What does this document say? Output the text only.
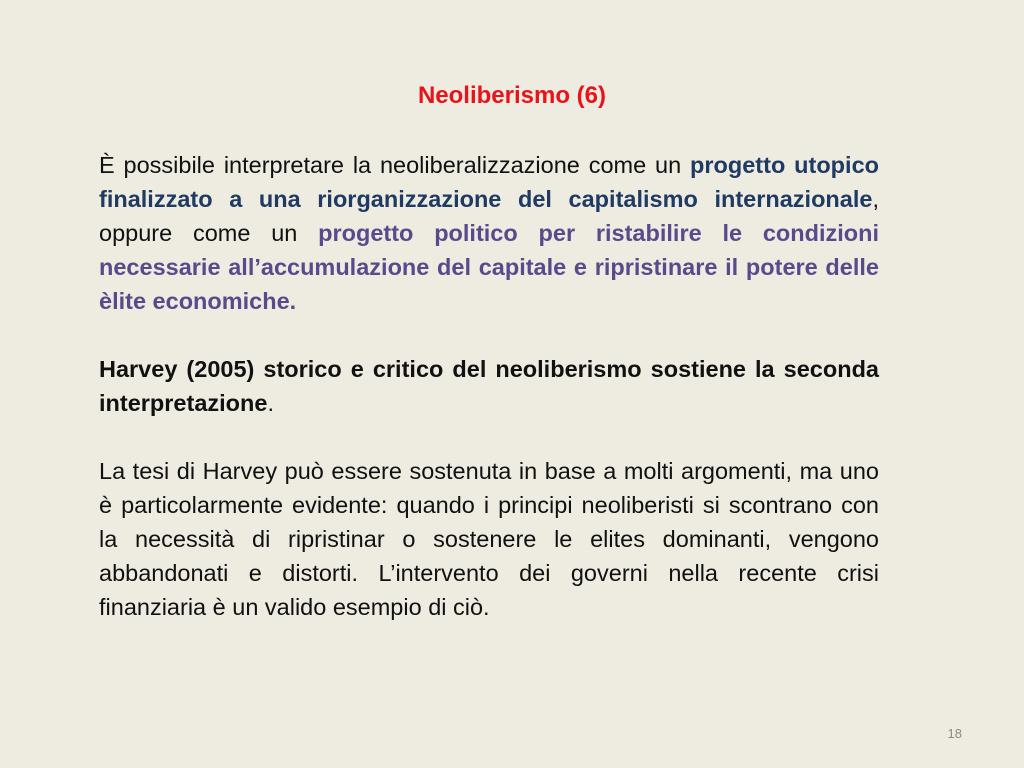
Neoliberismo (6)

È possibile interpretare la neoliberalizzazione come un progetto utopico finalizzato a una riorganizzazione del capitalismo internazionale, oppure come un progetto politico per ristabilire le condizioni necessarie all’accumulazione del capitale e ripristinare il potere delle èlite economiche.

Harvey (2005) storico e critico del neoliberismo sostiene la seconda interpretazione.

La tesi di Harvey può essere sostenuta in base a molti argomenti, ma uno è particolarmente evidente: quando i principi neoliberisti si scontrano con la necessità di ripristinar o sostenere le elites dominanti, vengono abbandonati e distorti. L’intervento dei governi nella recente crisi finanziaria è un valido esempio di ciò.

18
